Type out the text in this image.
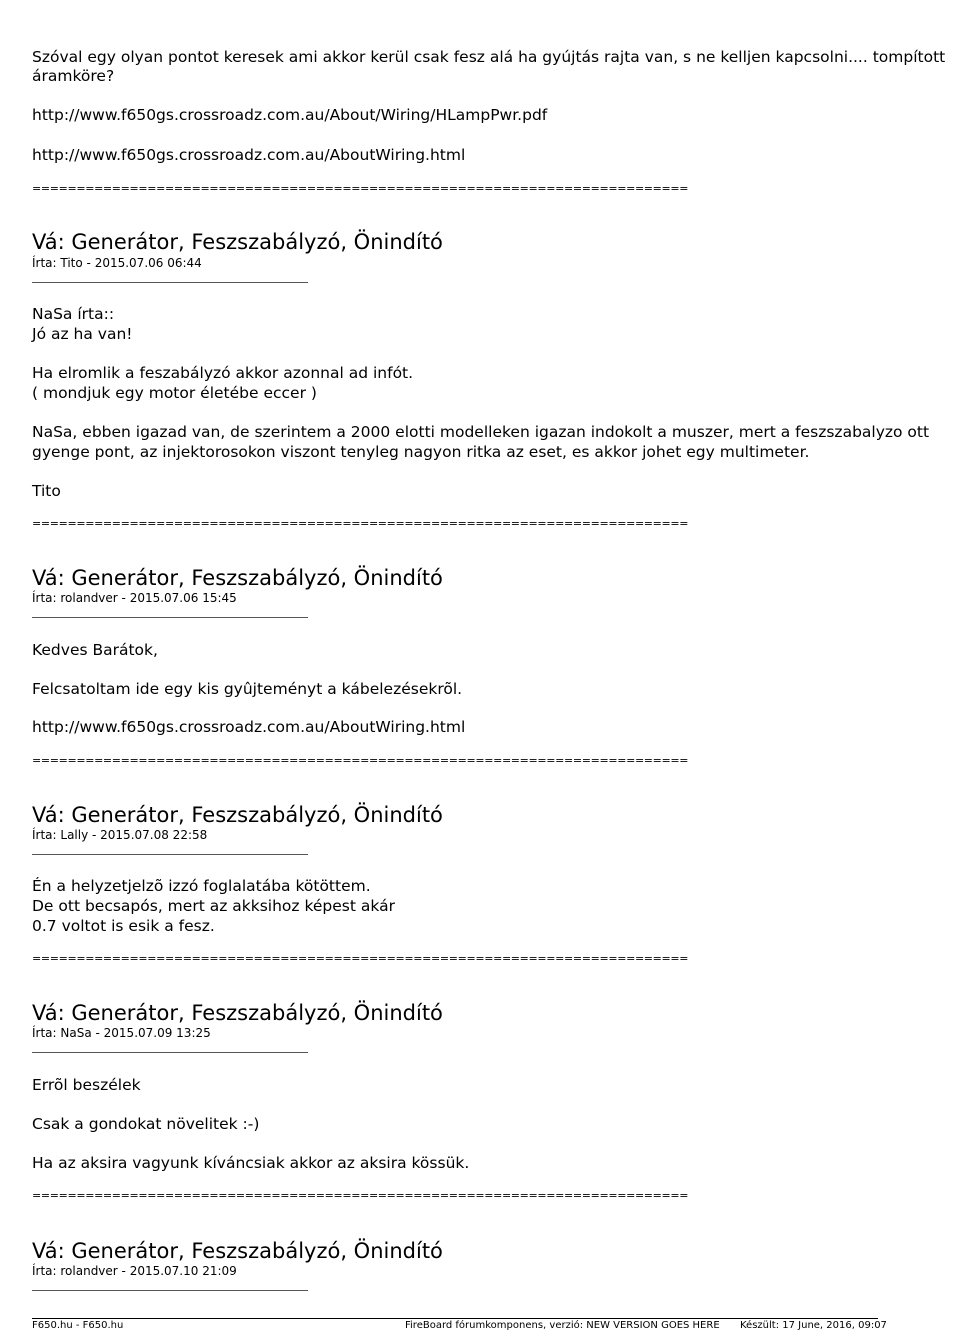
Szóval egy olyan pontot keresek ami akkor kerül csak fesz alá ha gyújtás rajta van, s ne kelljen kapcsolni.... tompított
áramköre?
http://www.f650gs.crossroadz.com.au/About/Wiring/HLampPwr.pdf
http://www.f650gs.crossroadz.com.au/AboutWiring.html
==========================================================================
Vá: Generátor, Feszszabályzó, Önindító
Írta: Tito - 2015.07.06 06:44
NaSa írta::
Jó az ha van!
Ha elromlik a feszabályzó akkor azonnal ad infót.
( mondjuk egy motor életébe eccer )
NaSa, ebben igazad van, de szerintem a 2000 elotti modelleken igazan indokolt a muszer, mert a feszszabalyzo ott
gyenge pont, az injektorosokon viszont tenyleg nagyon ritka az eset, es akkor johet egy multimeter.
Tito
==========================================================================
Vá: Generátor, Feszszabályzó, Önindító
Írta: rolandver - 2015.07.06 15:45
Kedves Barátok,
Felcsatoltam ide egy kis gyûjteményt a kábelezésekrõl.
http://www.f650gs.crossroadz.com.au/AboutWiring.html
==========================================================================
Vá: Generátor, Feszszabályzó, Önindító
Írta: Lally - 2015.07.08 22:58
Én a helyzetjelzõ izzó foglalatába kötöttem.
De ott becsapós, mert az akksihoz képest akár
0.7 voltot is esik a fesz.
==========================================================================
Vá: Generátor, Feszszabályzó, Önindító
Írta: NaSa - 2015.07.09 13:25
Errõl beszélek
Csak a gondokat növelitek :-)
Ha az aksira vagyunk kíváncsiak akkor az aksira kössük.
==========================================================================
Vá: Generátor, Feszszabályzó, Önindító
Írta: rolandver - 2015.07.10 21:09
F650.hu - F650.hu	FireBoard fórumkomponens, verzió: NEW VERSION GOES HERE Készült: 17 June, 2016, 09:07
